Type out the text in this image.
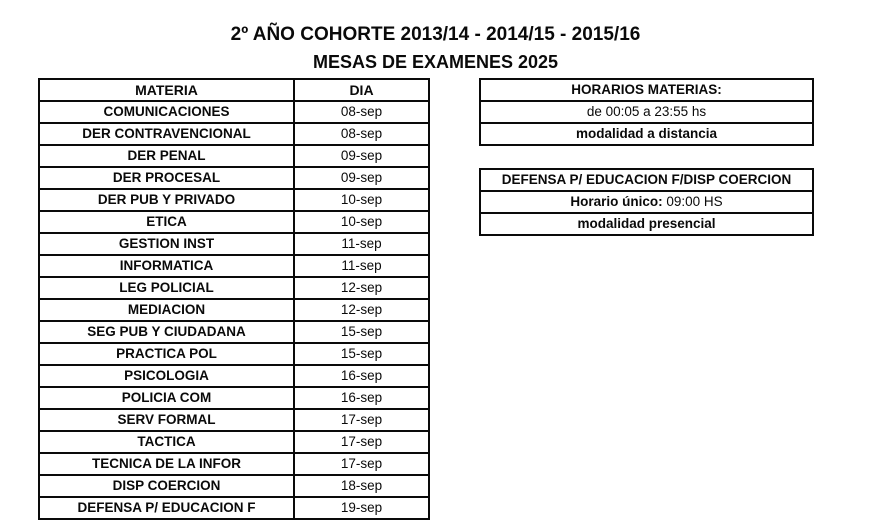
2º AÑO COHORTE 2013/14 - 2014/15 - 2015/16
MESAS DE EXAMENES 2025
MATERIA	DIA
COMUNICACIONES	08-sep
DER CONTRAVENCIONAL	08-sep
DER PENAL	09-sep
DER PROCESAL	09-sep
DER PUB Y PRIVADO	10-sep
ETICA	10-sep
GESTION INST	11-sep
INFORMATICA	11-sep
LEG POLICIAL	12-sep
MEDIACION	12-sep
SEG PUB Y CIUDADANA	15-sep
PRACTICA POL	15-sep
PSICOLOGIA	16-sep
POLICIA COM	16-sep
SERV FORMAL	17-sep
TACTICA	17-sep
TECNICA DE LA INFOR	17-sep
DISP COERCION	18-sep
DEFENSA P/ EDUCACION F	19-sep
HORARIOS MATERIAS:
de 00:05 a 23:55 hs
modalidad a distancia
DEFENSA P/ EDUCACION F/DISP COERCION
Horario único: 09:00 HS
modalidad presencial
